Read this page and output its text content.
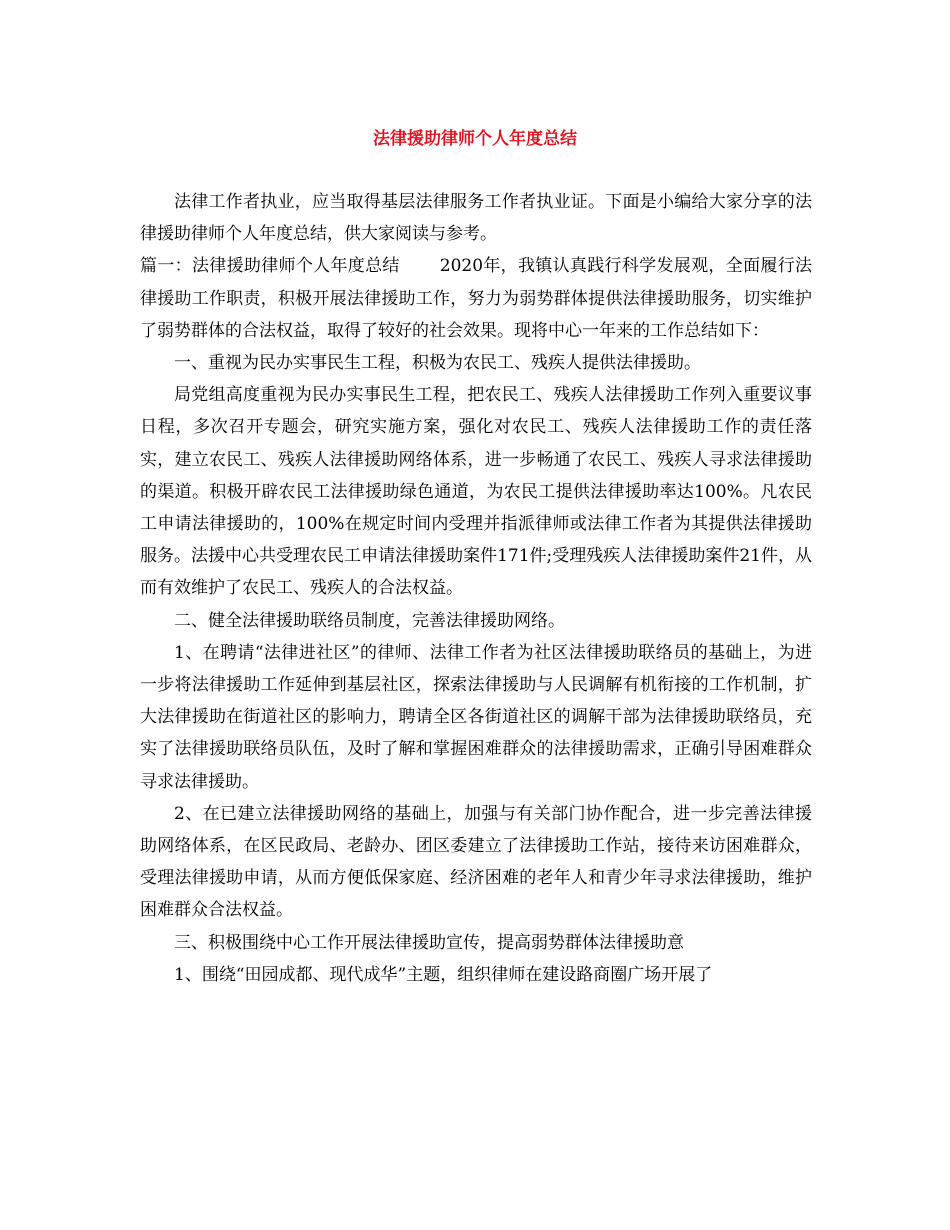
法律援助律师个人年度总结

法律工作者执业，应当取得基层法律服务工作者执业证。下面是小编给大家分享的法律援助律师个人年度总结，供大家阅读与参考。

篇一：法律援助律师个人年度总结 2020年，我镇认真践行科学发展观，全面履行法律援助工作职责，积极开展法律援助工作，努力为弱势群体提供法律援助服务，切实维护了弱势群体的合法权益，取得了较好的社会效果。现将中心一年来的工作总结如下：

一、重视为民办实事民生工程，积极为农民工、残疾人提供法律援助。

局党组高度重视为民办实事民生工程，把农民工、残疾人法律援助工作列入重要议事日程，多次召开专题会，研究实施方案，强化对农民工、残疾人法律援助工作的责任落实，建立农民工、残疾人法律援助网络体系，进一步畅通了农民工、残疾人寻求法律援助的渠道。积极开辟农民工法律援助绿色通道，为农民工提供法律援助率达100%。凡农民工申请法律援助的，100%在规定时间内受理并指派律师或法律工作者为其提供法律援助服务。法援中心共受理农民工申请法律援助案件171件;受理残疾人法律援助案件21件，从而有效维护了农民工、残疾人的合法权益。

二、健全法律援助联络员制度，完善法律援助网络。

1、在聘请“法律进社区”的律师、法律工作者为社区法律援助联络员的基础上，为进一步将法律援助工作延伸到基层社区，探索法律援助与人民调解有机衔接的工作机制，扩大法律援助在街道社区的影响力，聘请全区各街道社区的调解干部为法律援助联络员，充实了法律援助联络员队伍，及时了解和掌握困难群众的法律援助需求，正确引导困难群众寻求法律援助。

2、在已建立法律援助网络的基础上，加强与有关部门协作配合，进一步完善法律援助网络体系，在区民政局、老龄办、团区委建立了法律援助工作站，接待来访困难群众，受理法律援助申请，从而方便低保家庭、经济困难的老年人和青少年寻求法律援助，维护困难群众合法权益。

三、积极围绕中心工作开展法律援助宣传，提高弱势群体法律援助意

1、围绕“田园成都、现代成华”主题，组织律师在建设路商圈广场开展了
